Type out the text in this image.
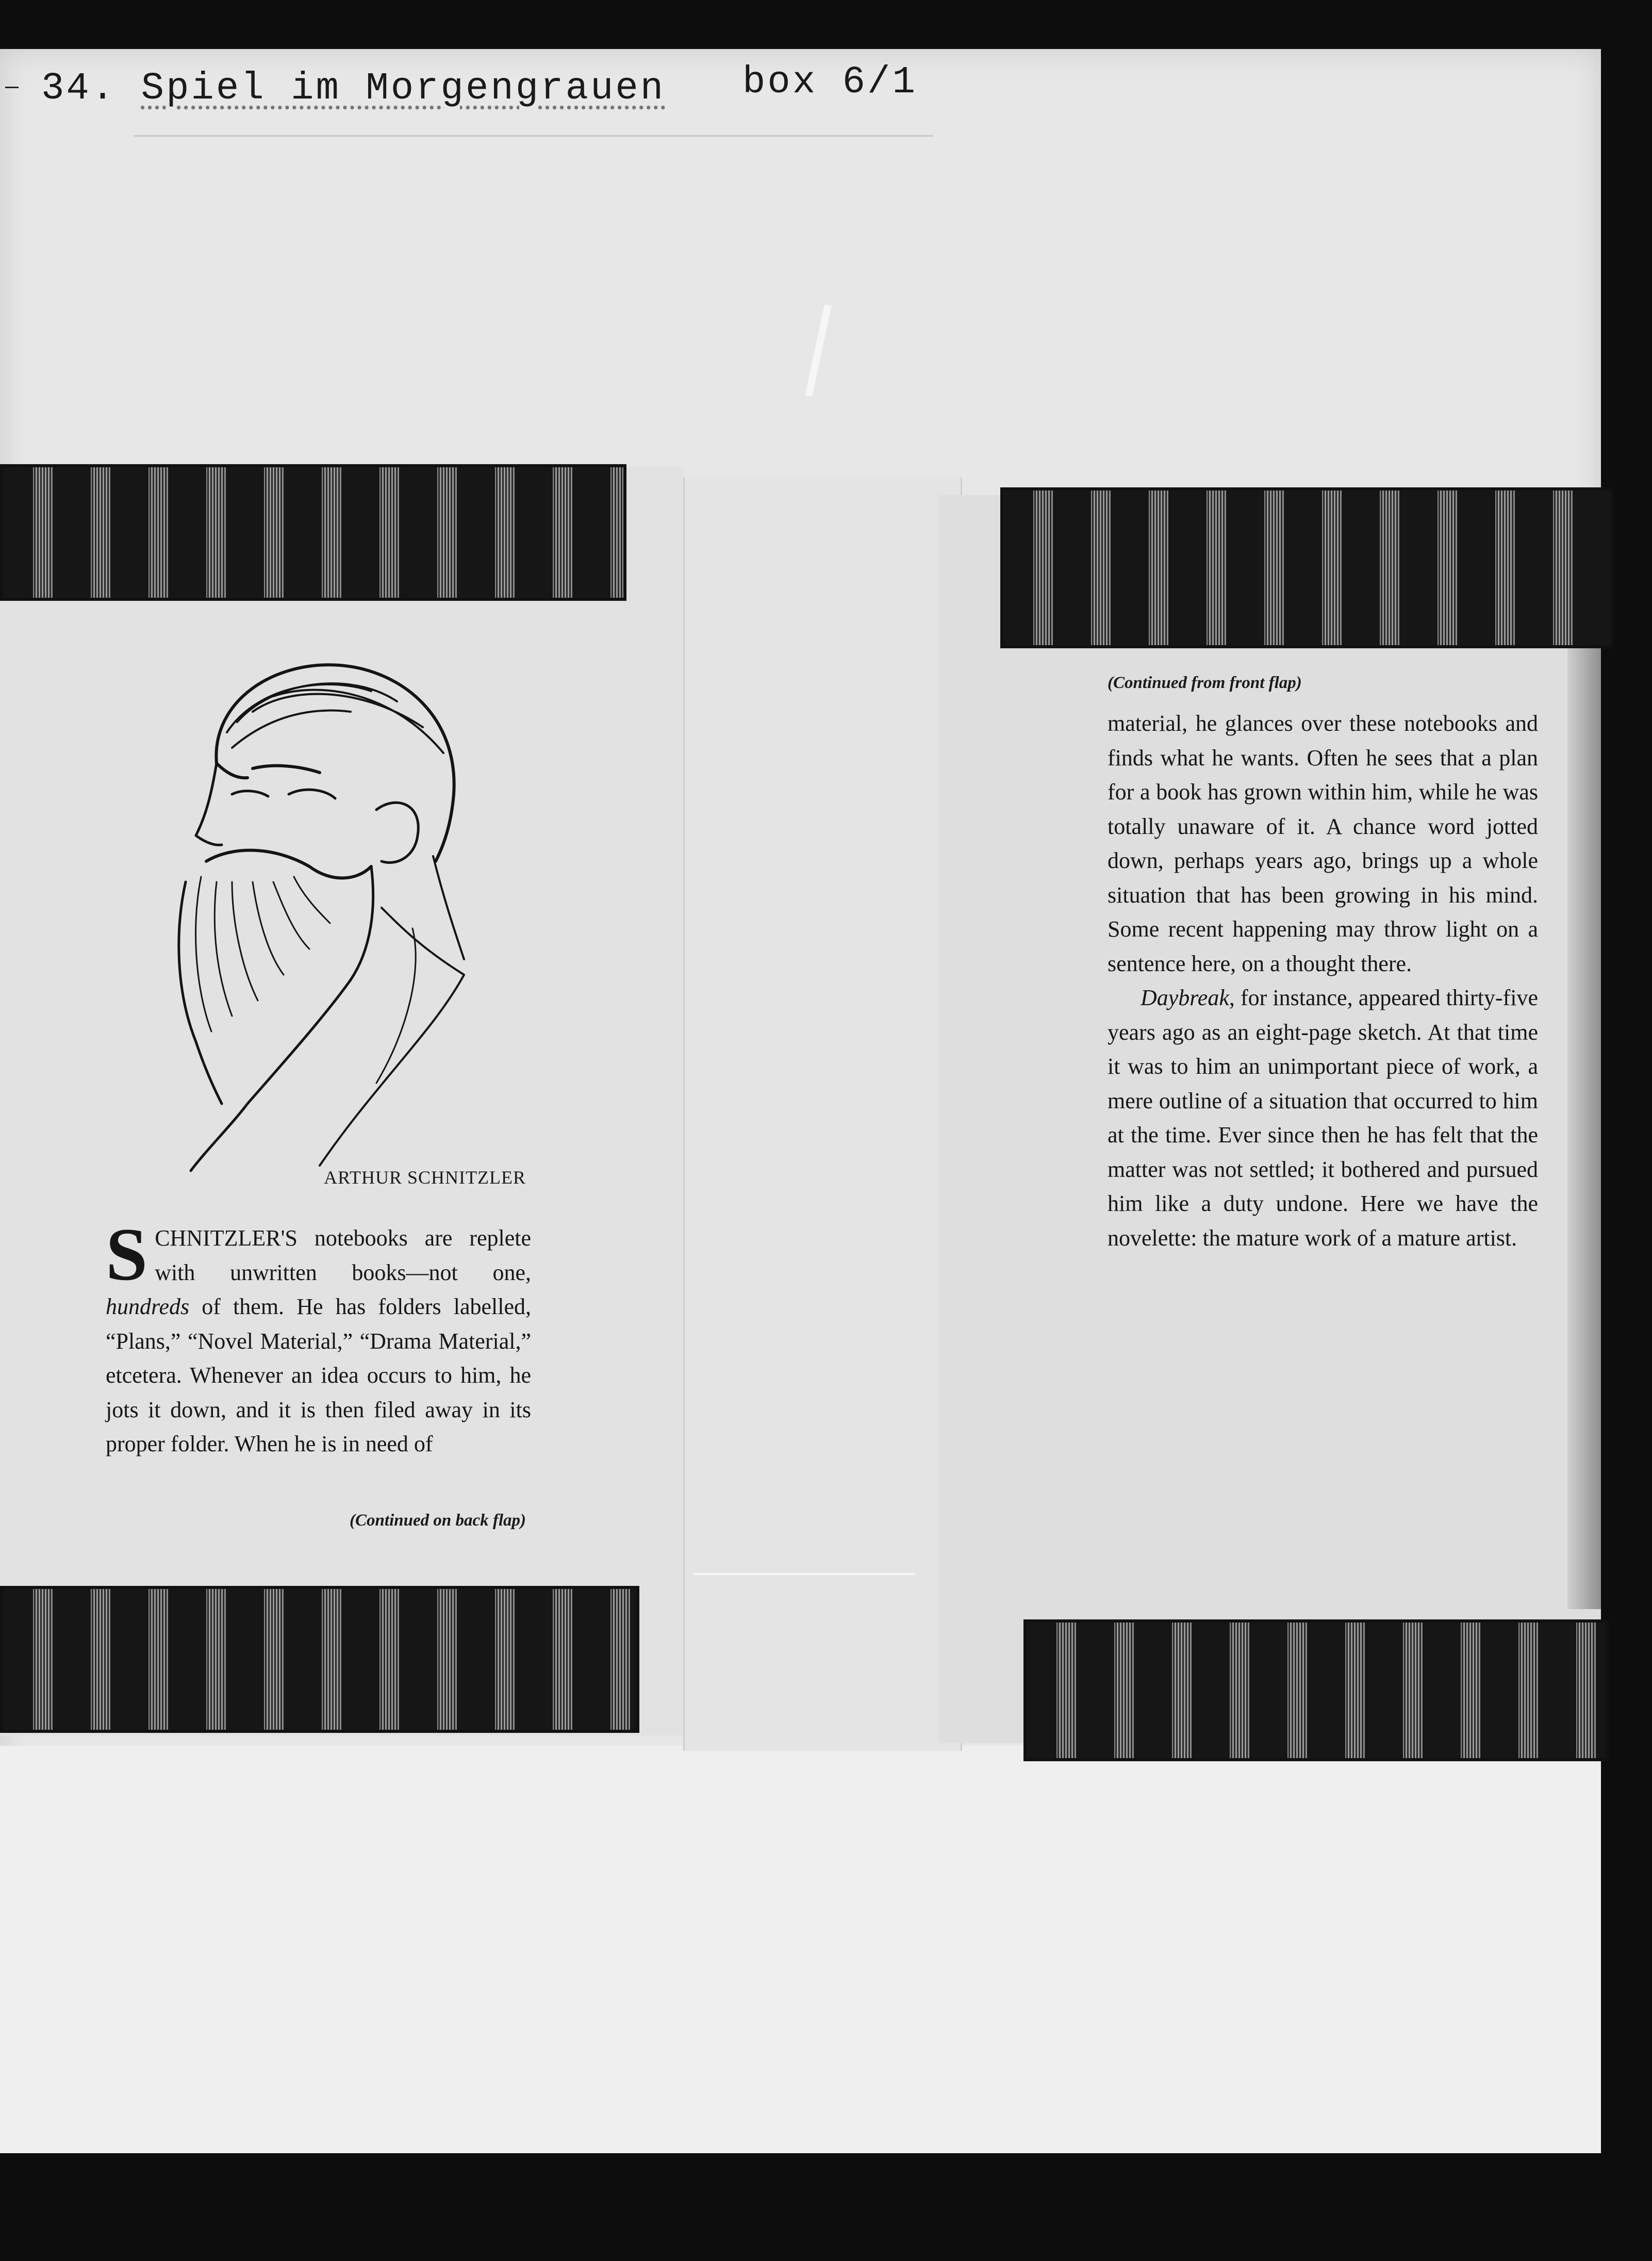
34. Spiel im Morgengrauen box 6/1
ARTHUR SCHNITZLER
SCHNITZLER'S notebooks are replete with unwritten books—not one, hundreds of them. He has folders labelled, “Plans,” “Novel Material,” “Drama Material,” etcetera. Whenever an idea occurs to him, he jots it down, and it is then filed away in its proper folder. When he is in need of
(Continued on back flap)
(Continued from front flap)

material, he glances over these notebooks and finds what he wants. Often he sees that a plan for a book has grown within him, while he was totally unaware of it. A chance word jotted down, perhaps years ago, brings up a whole situation that has been growing in his mind. Some recent happening may throw light on a sentence here, on a thought there.

Daybreak, for instance, appeared thirty-five years ago as an eight-page sketch. At that time it was to him an unimportant piece of work, a mere outline of a situation that occurred to him at the time. Ever since then he has felt that the matter was not settled; it bothered and pursued him like a duty undone. Here we have the novelette: the mature work of a mature artist.
